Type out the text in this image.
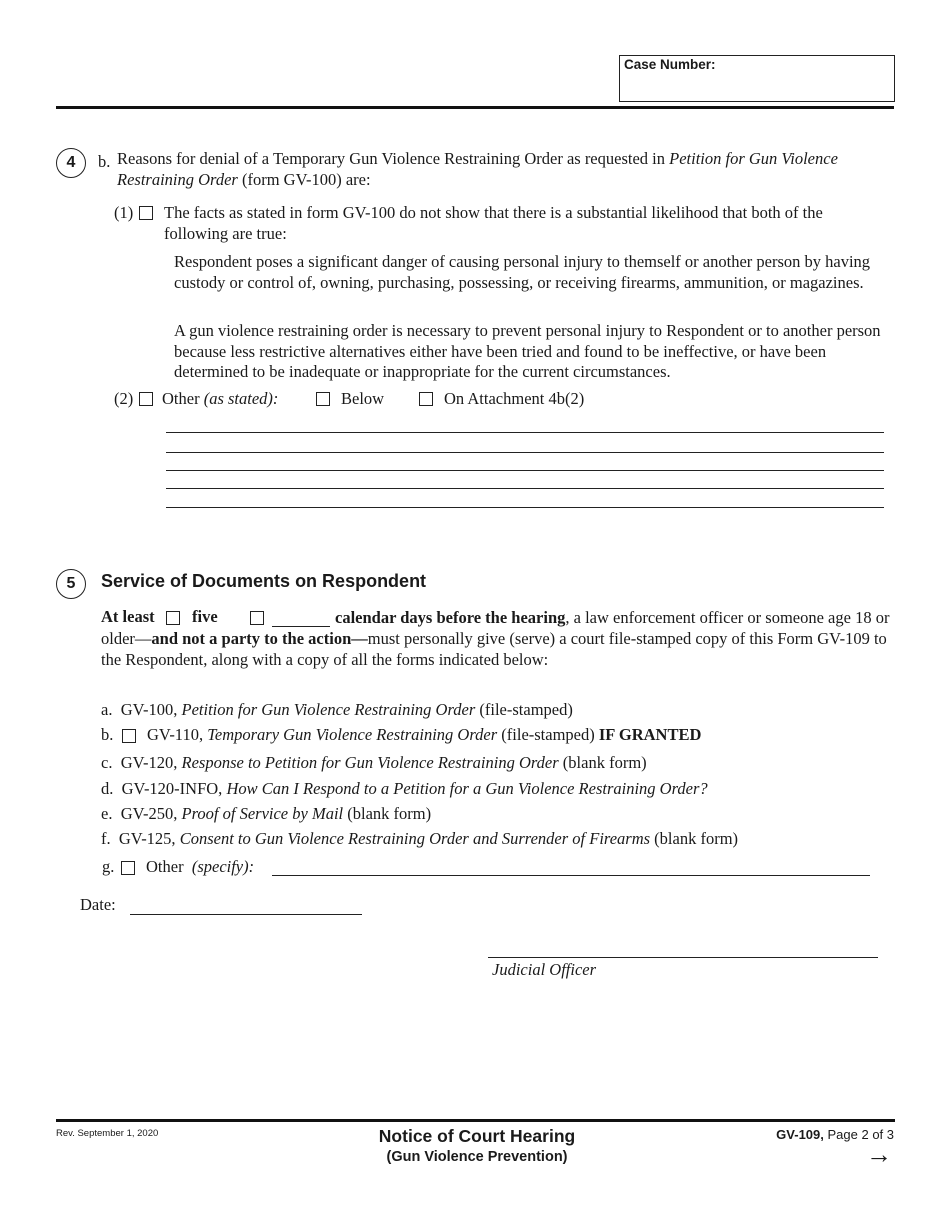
Case Number:
4	b. Reasons for denial of a Temporary Gun Violence Restraining Order as requested in Petition for Gun Violence Restraining Order (form GV-100) are:

(1) The facts as stated in form GV-100 do not show that there is a substantial likelihood that both of the following are true:

Respondent poses a significant danger of causing personal injury to themself or another person by having custody or control of, owning, purchasing, possessing, or receiving firearms, ammunition, or magazines.

A gun violence restraining order is necessary to prevent personal injury to Respondent or to another person because less restrictive alternatives either have been tried and found to be ineffective, or have been determined to be inadequate or inappropriate for the current circumstances.

(2) Other (as stated):	Below	On Attachment 4b(2)
5	Service of Documents on Respondent
At least five	calendar days before the hearing, a law enforcement officer or someone age 18 or older—and not a party to the action—must personally give (serve) a court file-stamped copy of this Form GV-109 to the Respondent, along with a copy of all the forms indicated below:

a. GV-100, Petition for Gun Violence Restraining Order (file-stamped)
b. GV-110, Temporary Gun Violence Restraining Order (file-stamped) IF GRANTED
c. GV-120, Response to Petition for Gun Violence Restraining Order (blank form)
d. GV-120-INFO, How Can I Respond to a Petition for a Gun Violence Restraining Order?
e. GV-250, Proof of Service by Mail (blank form)
f. GV-125, Consent to Gun Violence Restraining Order and Surrender of Firearms (blank form)
g. Other (specify):
Date:
Judicial Officer
Rev. September 1, 2020	Notice of Court Hearing
(Gun Violence Prevention)
GV-109, Page 2 of 3
→
